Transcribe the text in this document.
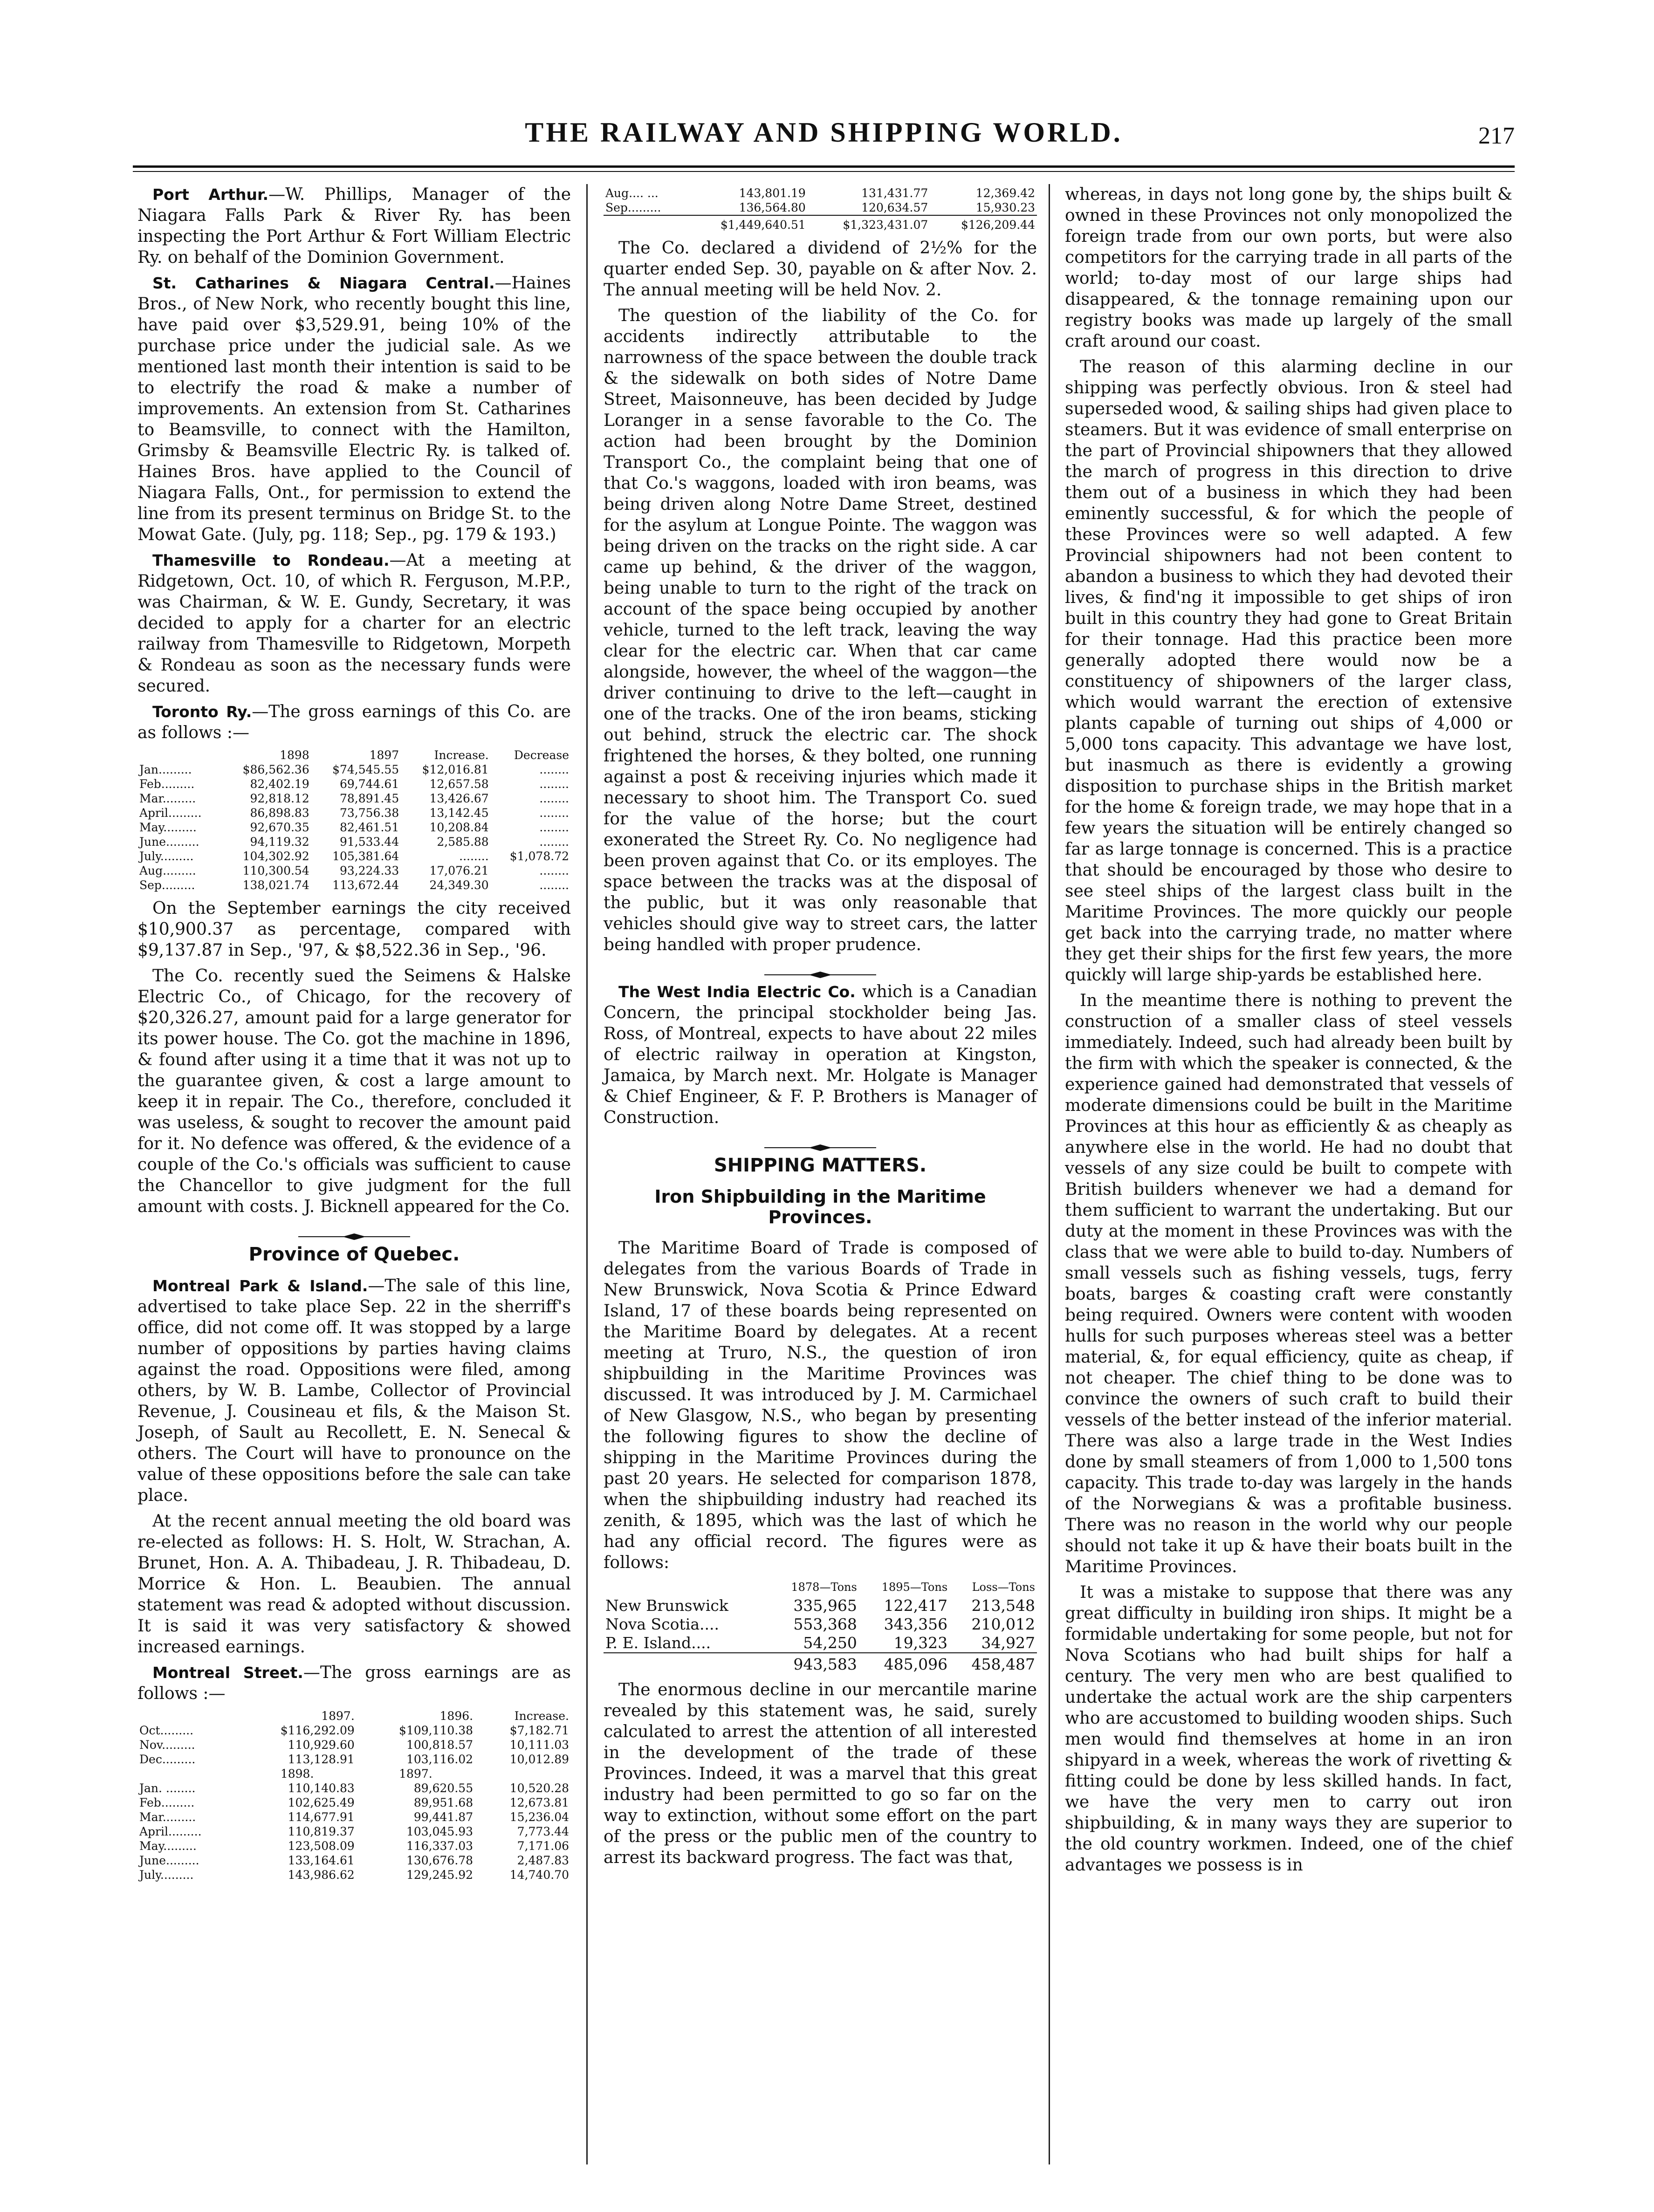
THE RAILWAY AND SHIPPING WORLD.	217

Port Arthur.—W. Phillips, Manager of the Niagara Falls Park & River Ry. has been inspecting the Port Arthur & Fort William Electric Ry. on behalf of the Dominion Government.

St. Catharines & Niagara Central.—Haines Bros., of New Nork, who recently bought this line, have paid over $3,529.91, being 10% of the purchase price under the judicial sale. As we mentioned last month their intention is said to be to electrify the road & make a number of improvements. An extension from St. Catharines to Beamsville, to connect with the Hamilton, Grimsby & Beamsville Electric Ry. is talked of. Haines Bros. have applied to the Council of Niagara Falls, Ont., for permission to extend the line from its present terminus on Bridge St. to the Mowat Gate. (July, pg. 118; Sep., pg. 179 & 193.)

Thamesville to Rondeau.—At a meeting at Ridgetown, Oct. 10, of which R. Ferguson, M.P.P., was Chairman, & W. E. Gundy, Secretary, it was decided to apply for a charter for an electric railway from Thamesville to Ridgetown, Morpeth & Rondeau as soon as the necessary funds were secured.

Toronto Ry.—The gross earnings of this Co. are as follows :—

	1898	1897	Increase.	Decrease
Jan.........	$86,562.36	$74,545.55	$12,016.81	........
Feb.........	82,402.19	69,744.61	12,657.58	........
Mar.........	92,818.12	78,891.45	13,426.67	........
April.........	86,898.83	73,756.38	13,142.45	........
May.........	92,670.35	82,461.51	10,208.84	........
June.........	94,119.32	91,533.44	2,585.88	........
July.........	104,302.92	105,381.64	........	$1,078.72
Aug.........	110,300.54	93,224.33	17,076.21	........
Sep.........	138,021.74	113,672.44	24,349.30	........

On the September earnings the city received $10,900.37 as percentage, compared with $9,137.87 in Sep., '97, & $8,522.36 in Sep., '96.

The Co. recently sued the Seimens & Halske Electric Co., of Chicago, for the recovery of $20,326.27, amount paid for a large generator for its power house. The Co. got the machine in 1896, & found after using it a time that it was not up to the guarantee given, & cost a large amount to keep it in repair. The Co., therefore, concluded it was useless, & sought to recover the amount paid for it. No defence was offered, & the evidence of a couple of the Co.'s officials was sufficient to cause the Chancellor to give judgment for the full amount with costs. J. Bicknell appeared for the Co.

Province of Quebec.

Montreal Park & Island.—The sale of this line, advertised to take place Sep. 22 in the sherriff's office, did not come off. It was stopped by a large number of oppositions by parties having claims against the road. Oppositions were filed, among others, by W. B. Lambe, Collector of Provincial Revenue, J. Cousineau et fils, & the Maison St. Joseph, of Sault au Recollett, E. N. Senecal & others. The Court will have to pronounce on the value of these oppositions before the sale can take place.

At the recent annual meeting the old board was re-elected as follows: H. S. Holt, W. Strachan, A. Brunet, Hon. A. A. Thibadeau, J. R. Thibadeau, D. Morrice & Hon. L. Beaubien. The annual statement was read & adopted without discussion. It is said it was very satisfactory & showed increased earnings.

Montreal Street.—The gross earnings are as follows :—

	1897.	1896.	Increase.
Oct.........	$116,292.09	$109,110.38	$7,182.71
Nov.........	110,929.60	100,818.57	10,111.03
Dec.........	113,128.91	103,116.02	10,012.89
	1898.	1897.	
Jan. ........	110,140.83	89,620.55	10,520.28
Feb.........	102,625.49	89,951.68	12,673.81
Mar.........	114,677.91	99,441.87	15,236.04
April.........	110,819.37	103,045.93	7,773.44
May.........	123,508.09	116,337.03	7,171.06
June.........	133,164.61	130,676.78	2,487.83
July.........	143,986.62	129,245.92	14,740.70
Aug.... ...	143,801.19	131,431.77	12,369.42
Sep.........	136,564.80	120,634.57	15,930.23
	$1,449,640.51	$1,323,431.07	$126,209.44

The Co. declared a dividend of 2½% for the quarter ended Sep. 30, payable on & after Nov. 2. The annual meeting will be held Nov. 2.

The question of the liability of the Co. for accidents indirectly attributable to the narrowness of the space between the double track & the sidewalk on both sides of Notre Dame Street, Maisonneuve, has been decided by Judge Loranger in a sense favorable to the Co. The action had been brought by the Dominion Transport Co., the complaint being that one of that Co.'s waggons, loaded with iron beams, was being driven along Notre Dame Street, destined for the asylum at Longue Pointe. The waggon was being driven on the tracks on the right side. A car came up behind, & the driver of the waggon, being unable to turn to the right of the track on account of the space being occupied by another vehicle, turned to the left track, leaving the way clear for the electric car. When that car came alongside, however, the wheel of the waggon—the driver continuing to drive to the left—caught in one of the tracks. One of the iron beams, sticking out behind, struck the electric car. The shock frightened the horses, & they bolted, one running against a post & receiving injuries which made it necessary to shoot him. The Transport Co. sued for the value of the horse; but the court exonerated the Street Ry. Co. No negligence had been proven against that Co. or its employes. The space between the tracks was at the disposal of the public, but it was only reasonable that vehicles should give way to street cars, the latter being handled with proper prudence.

The West India Electric Co. which is a Canadian Concern, the principal stockholder being Jas. Ross, of Montreal, expects to have about 22 miles of electric railway in operation at Kingston, Jamaica, by March next. Mr. Holgate is Manager & Chief Engineer, & F. P. Brothers is Manager of Construction.

SHIPPING MATTERS.
Iron Shipbuilding in the Maritime Provinces.

The Maritime Board of Trade is composed of delegates from the various Boards of Trade in New Brunswick, Nova Scotia & Prince Edward Island, 17 of these boards being represented on the Maritime Board by delegates. At a recent meeting at Truro, N.S., the question of iron shipbuilding in the Maritime Provinces was discussed. It was introduced by J. M. Carmichael of New Glasgow, N.S., who began by presenting the following figures to show the decline of shipping in the Maritime Provinces during the past 20 years. He selected for comparison 1878, when the shipbuilding industry had reached its zenith, & 1895, which was the last of which he had any official record. The figures were as follows:

	1878—Tons	1895—Tons	Loss—Tons
New Brunswick	335,965	122,417	213,548
Nova Scotia....	553,368	343,356	210,012
P. E. Island....	54,250	19,323	34,927
	943,583	485,096	458,487

The enormous decline in our mercantile marine revealed by this statement was, he said, surely calculated to arrest the attention of all interested in the development of the trade of these Provinces. Indeed, it was a marvel that this great industry had been permitted to go so far on the way to extinction, without some effort on the part of the press or the public men of the country to arrest its backward progress. The fact was that,

whereas, in days not long gone by, the ships built & owned in these Provinces not only monopolized the foreign trade from our own ports, but were also competitors for the carrying trade in all parts of the world; to-day most of our large ships had disappeared, & the tonnage remaining upon our registry books was made up largely of the small craft around our coast.

The reason of this alarming decline in our shipping was perfectly obvious. Iron & steel had superseded wood, & sailing ships had given place to steamers. But it was evidence of small enterprise on the part of Provincial shipowners that they allowed the march of progress in this direction to drive them out of a business in which they had been eminently successful, & for which the people of these Provinces were so well adapted. A few Provincial shipowners had not been content to abandon a business to which they had devoted their lives, & find'ng it impossible to get ships of iron built in this country they had gone to Great Britain for their tonnage. Had this practice been more generally adopted there would now be a constituency of shipowners of the larger class, which would warrant the erection of extensive plants capable of turning out ships of 4,000 or 5,000 tons capacity. This advantage we have lost, but inasmuch as there is evidently a growing disposition to purchase ships in the British market for the home & foreign trade, we may hope that in a few years the situation will be entirely changed so far as large tonnage is concerned. This is a practice that should be encouraged by those who desire to see steel ships of the largest class built in the Maritime Provinces. The more quickly our people get back into the carrying trade, no matter where they get their ships for the first few years, the more quickly will large ship-yards be established here.

In the meantime there is nothing to prevent the construction of a smaller class of steel vessels immediately. Indeed, such had already been built by the firm with which the speaker is connected, & the experience gained had demonstrated that vessels of moderate dimensions could be built in the Maritime Provinces at this hour as efficiently & as cheaply as anywhere else in the world. He had no doubt that vessels of any size could be built to compete with British builders whenever we had a demand for them sufficient to warrant the undertaking. But our duty at the moment in these Provinces was with the class that we were able to build to-day. Numbers of small vessels such as fishing vessels, tugs, ferry boats, barges & coasting craft were constantly being required. Owners were content with wooden hulls for such purposes whereas steel was a better material, &, for equal efficiency, quite as cheap, if not cheaper. The chief thing to be done was to convince the owners of such craft to build their vessels of the better instead of the inferior material. There was also a large trade in the West Indies done by small steamers of from 1,000 to 1,500 tons capacity. This trade to-day was largely in the hands of the Norwegians & was a profitable business. There was no reason in the world why our people should not take it up & have their boats built in the Maritime Provinces.

It was a mistake to suppose that there was any great difficulty in building iron ships. It might be a formidable undertaking for some people, but not for Nova Scotians who had built ships for half a century. The very men who are best qualified to undertake the actual work are the ship carpenters who are accustomed to building wooden ships. Such men would find themselves at home in an iron shipyard in a week, whereas the work of rivetting & fitting could be done by less skilled hands. In fact, we have the very men to carry out iron shipbuilding, & in many ways they are superior to the old country workmen. Indeed, one of the chief advantages we possess is in
